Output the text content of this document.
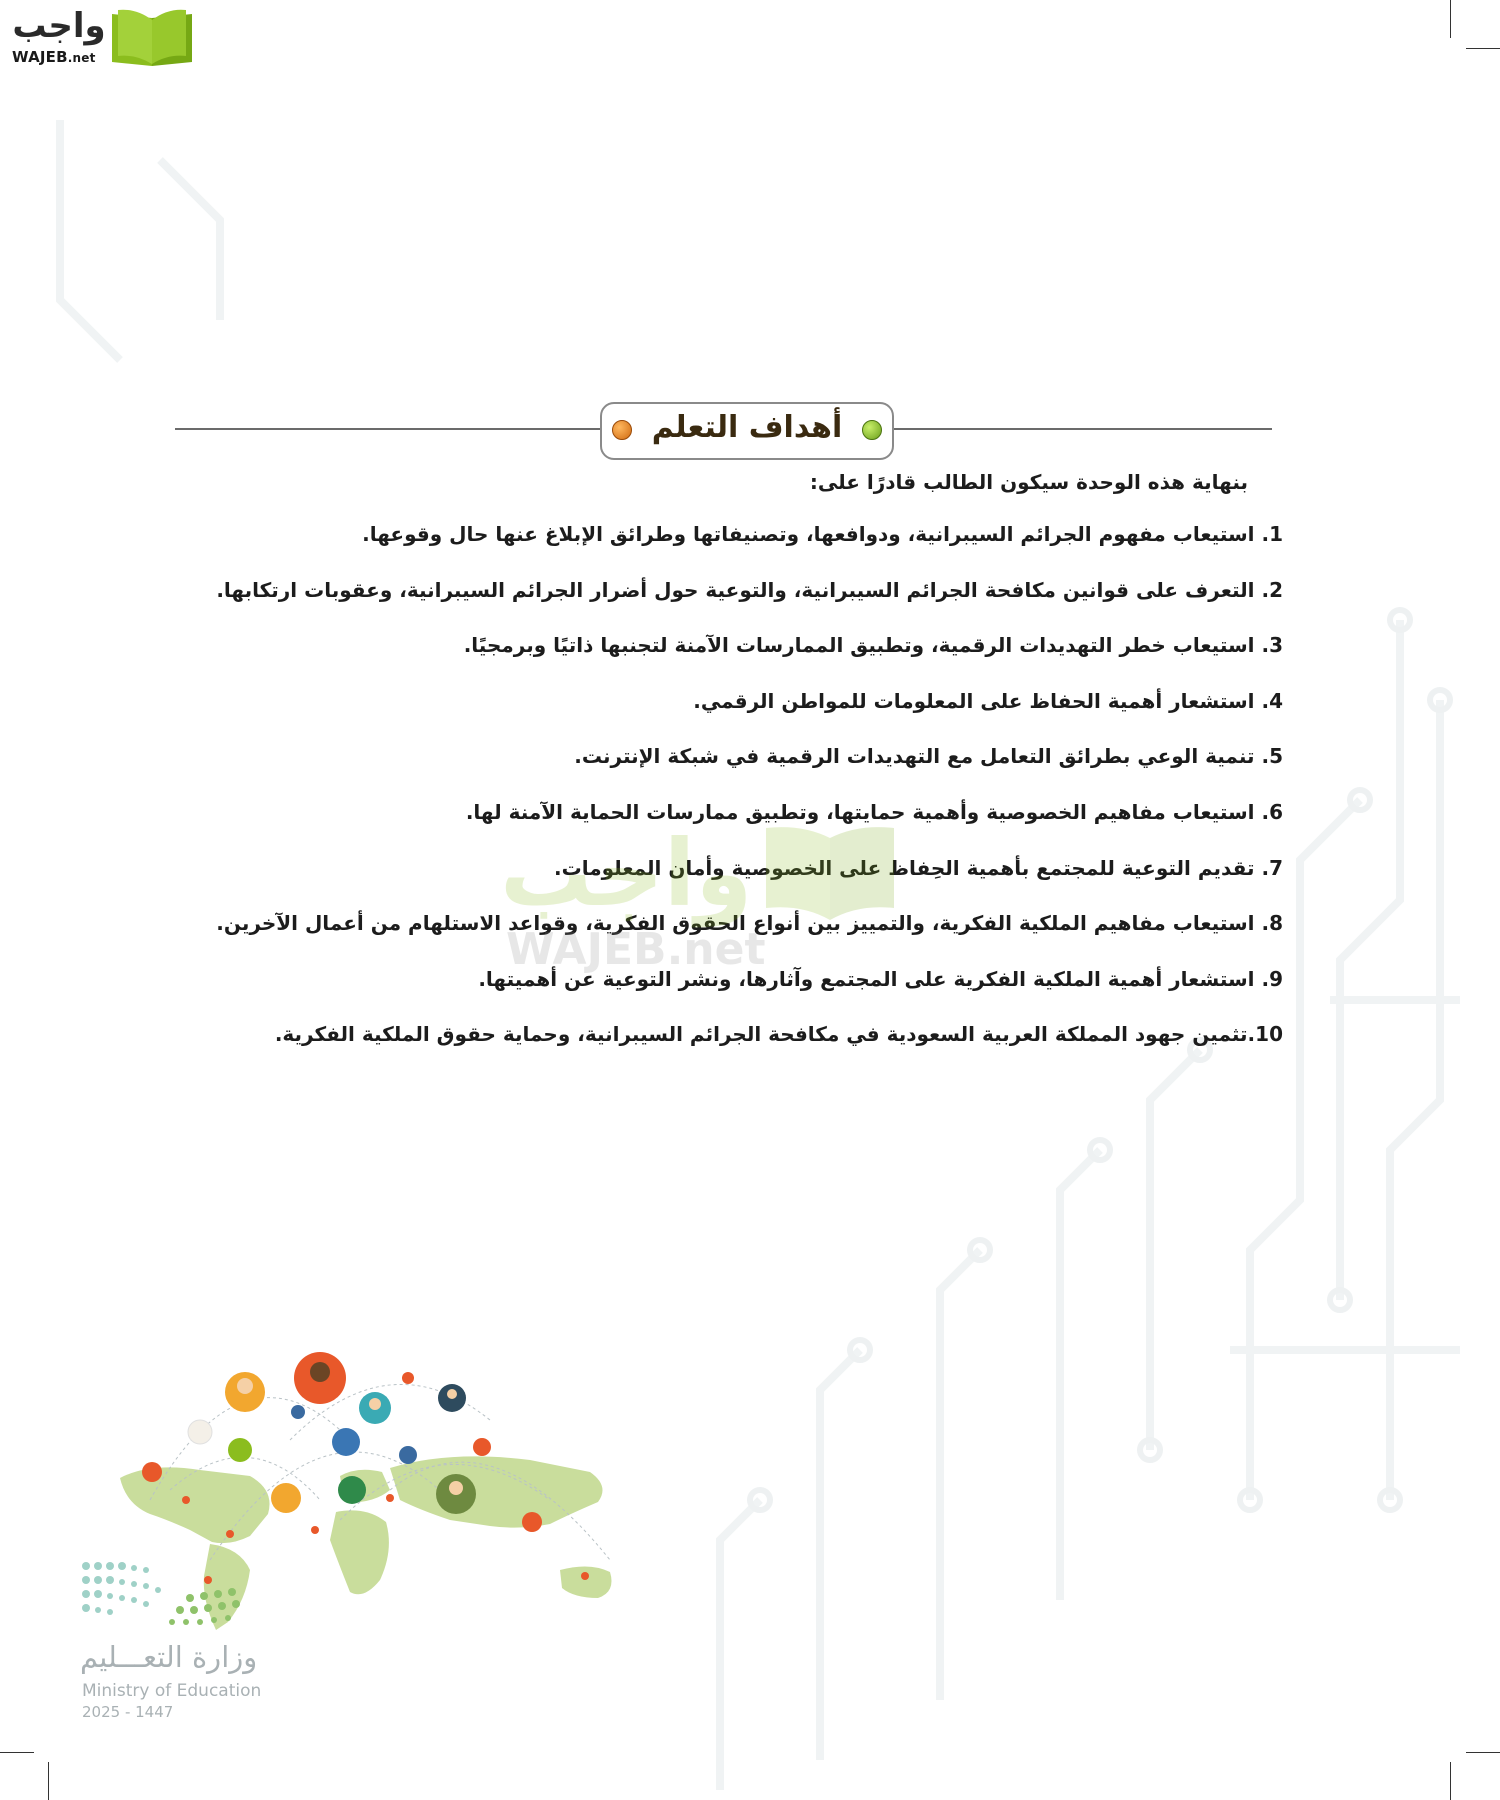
واجب
WAJEB.net
أهداف التعلم
بنهاية هذه الوحدة سيكون الطالب قادرًا على:
1. استيعاب مفهوم الجرائم السيبرانية، ودوافعها، وتصنيفاتها وطرائق الإبلاغ عنها حال وقوعها.
2. التعرف على قوانين مكافحة الجرائم السيبرانية، والتوعية حول أضرار الجرائم السيبرانية، وعقوبات ارتكابها.
3. استيعاب خطر التهديدات الرقمية، وتطبيق الممارسات الآمنة لتجنبها ذاتيًا وبرمجيًا.
4. استشعار أهمية الحفاظ على المعلومات للمواطن الرقمي.
5. تنمية الوعي بطرائق التعامل مع التهديدات الرقمية في شبكة الإنترنت.
6. استيعاب مفاهيم الخصوصية وأهمية حمايتها، وتطبيق ممارسات الحماية الآمنة لها.
7. تقديم التوعية للمجتمع بأهمية الحِفاظ على الخصوصية وأمان المعلومات.
8. استيعاب مفاهيم الملكية الفكرية، والتمييز بين أنواع الحقوق الفكرية، وقواعد الاستلهام من أعمال الآخرين.
9. استشعار أهمية الملكية الفكرية على المجتمع وآثارها، ونشر التوعية عن أهميتها.
10.تثمين جهود المملكة العربية السعودية في مكافحة الجرائم السيبرانية، وحماية حقوق الملكية الفكرية.
واجب
WAJEB.net
وزارة التعـــليم
Ministry of Education
2025 - 1447
